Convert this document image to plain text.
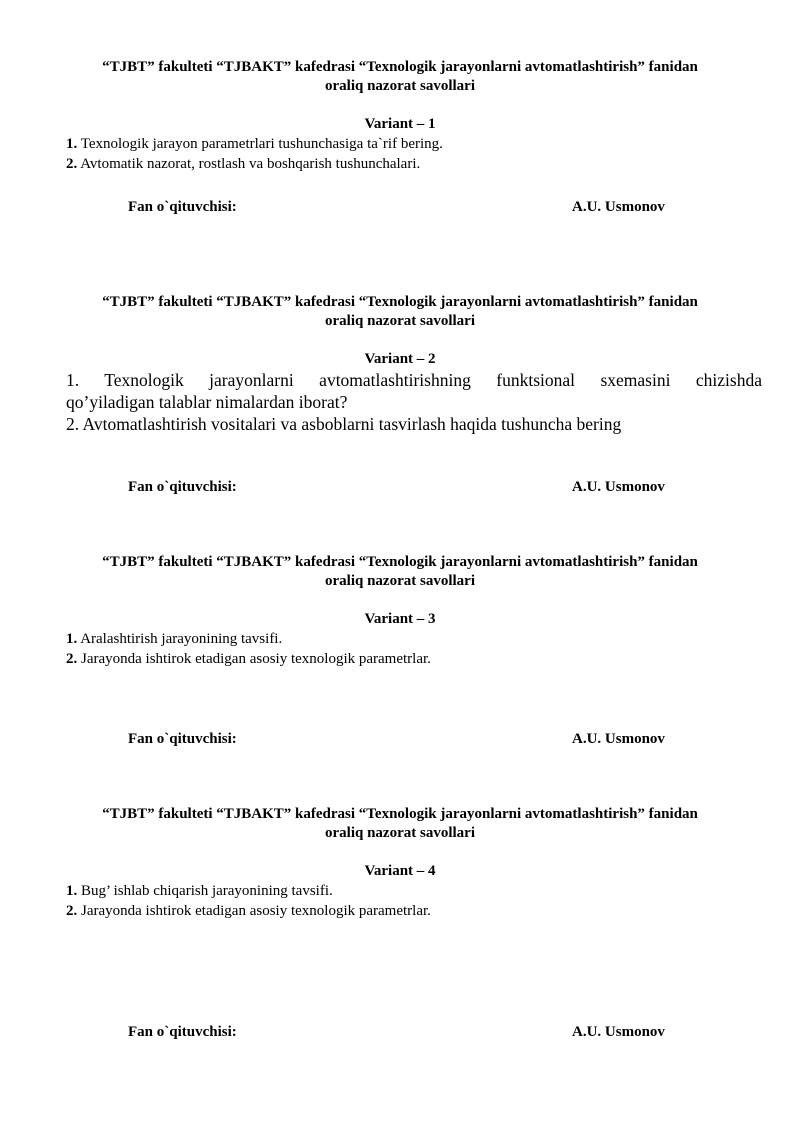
“TJBT” fakulteti “TJBAKT” kafedrasi “Texnologik jarayonlarni avtomatlashtirish” fanidan
oraliq nazorat savollari
Variant – 1
1. Texnologik jarayon parametrlari tushunchasiga ta`rif bering.
2. Avtomatik nazorat, rostlash va boshqarish tushunchalari.
Fan o`qituvchisi:	A.U. Usmonov
“TJBT” fakulteti “TJBAKT” kafedrasi “Texnologik jarayonlarni avtomatlashtirish” fanidan
oraliq nazorat savollari
Variant – 2
1. Texnologik jarayonlarni avtomatlashtirishning funktsional sxemasini chizishda
qo’yiladigan talablar nimalardan iborat?
2. Avtomatlashtirish vositalari va asboblarni tasvirlash haqida tushuncha bering
Fan o`qituvchisi:	A.U. Usmonov
“TJBT” fakulteti “TJBAKT” kafedrasi “Texnologik jarayonlarni avtomatlashtirish” fanidan
oraliq nazorat savollari
Variant – 3
1. Aralashtirish jarayonining tavsifi.
2. Jarayonda ishtirok etadigan asosiy texnologik parametrlar.
Fan o`qituvchisi:	A.U. Usmonov
“TJBT” fakulteti “TJBAKT” kafedrasi “Texnologik jarayonlarni avtomatlashtirish” fanidan
oraliq nazorat savollari
Variant – 4
1. Bug’ ishlab chiqarish jarayonining tavsifi.
2. Jarayonda ishtirok etadigan asosiy texnologik parametrlar.
Fan o`qituvchisi:	A.U. Usmonov
